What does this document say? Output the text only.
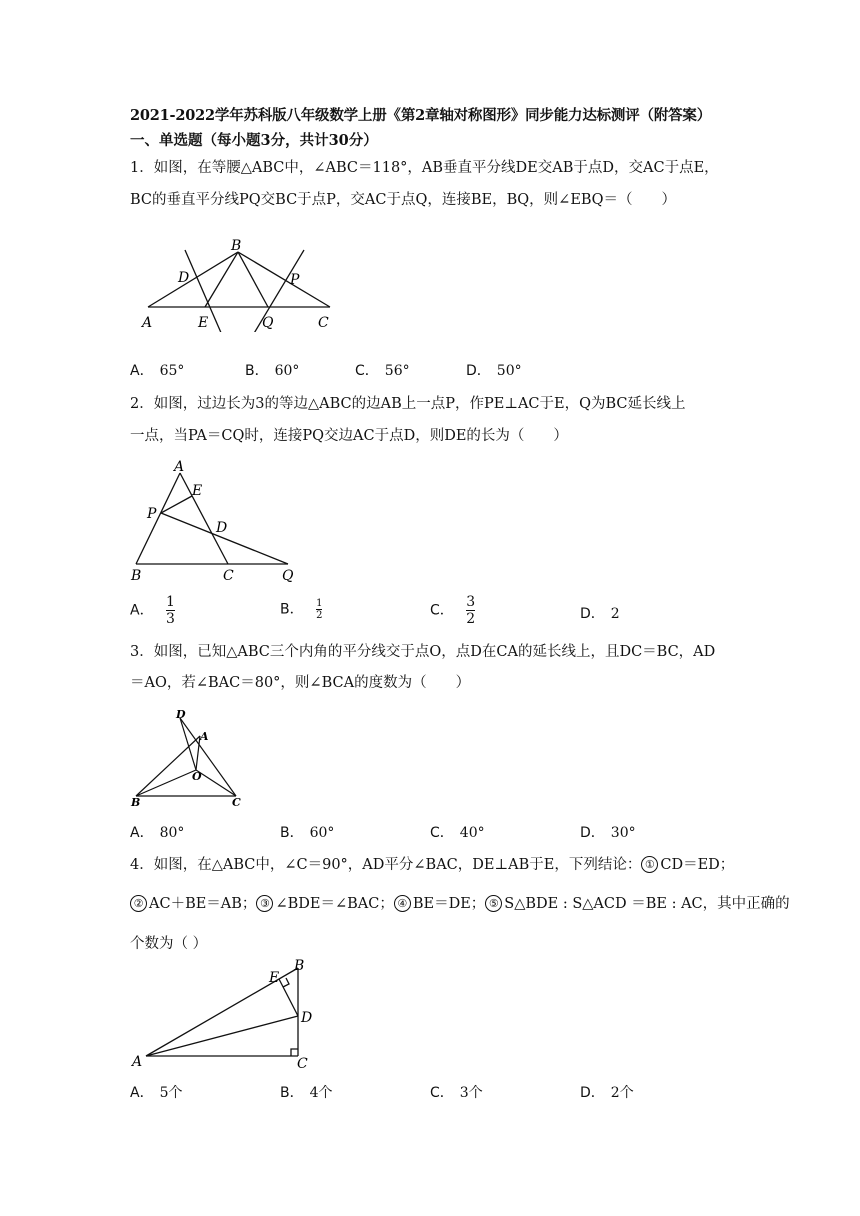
2021-2022学年苏科版八年级数学上册《第2章轴对称图形》同步能力达标测评（附答案）
一、单选题（每小题3分，共计30分）
1．如图，在等腰△ABC中，∠ABC＝118°，AB垂直平分线DE交AB于点D，交AC于点E，
BC的垂直平分线PQ交BC于点P，交AC于点Q，连接BE，BQ，则∠EBQ＝（　　）
B
D	P
A	E	Q	C
A． 65°	B． 60°	C． 56°	D． 50°
2．如图，过边长为3的等边△ABC的边AB上一点P，作PE⊥AC于E，Q为BC延长线上
一点，当PA＝CQ时，连接PQ交边AC于点D，则DE的长为（　　）
A
E
P
D
B	C	Q
A． $\frac{1}{3}$	B． $\frac{1}{2}$	C． $\frac{3}{2}$	D． 2
3．如图，已知△ABC三个内角的平分线交于点O，点D在CA的延长线上，且DC＝BC，AD
＝AO，若∠BAC＝80°，则∠BCA的度数为（　　）
D
A
O
B	C
A． 80°	B． 60°	C． 40°	D． 30°
4．如图，在△ABC中，∠C＝90°，AD平分∠BAC，DE⊥AB于E，下列结论： ① CD＝ED；
② AC＋BE＝AB； ③ ∠BDE＝∠BAC； ④ BE＝DE； ⑤ S△BDE : S△ACD ＝BE : AC，其中正确的
个数为（ ）
B
E
D
A	C
A． 5个	B． 4个	C． 3个	D． 2个
